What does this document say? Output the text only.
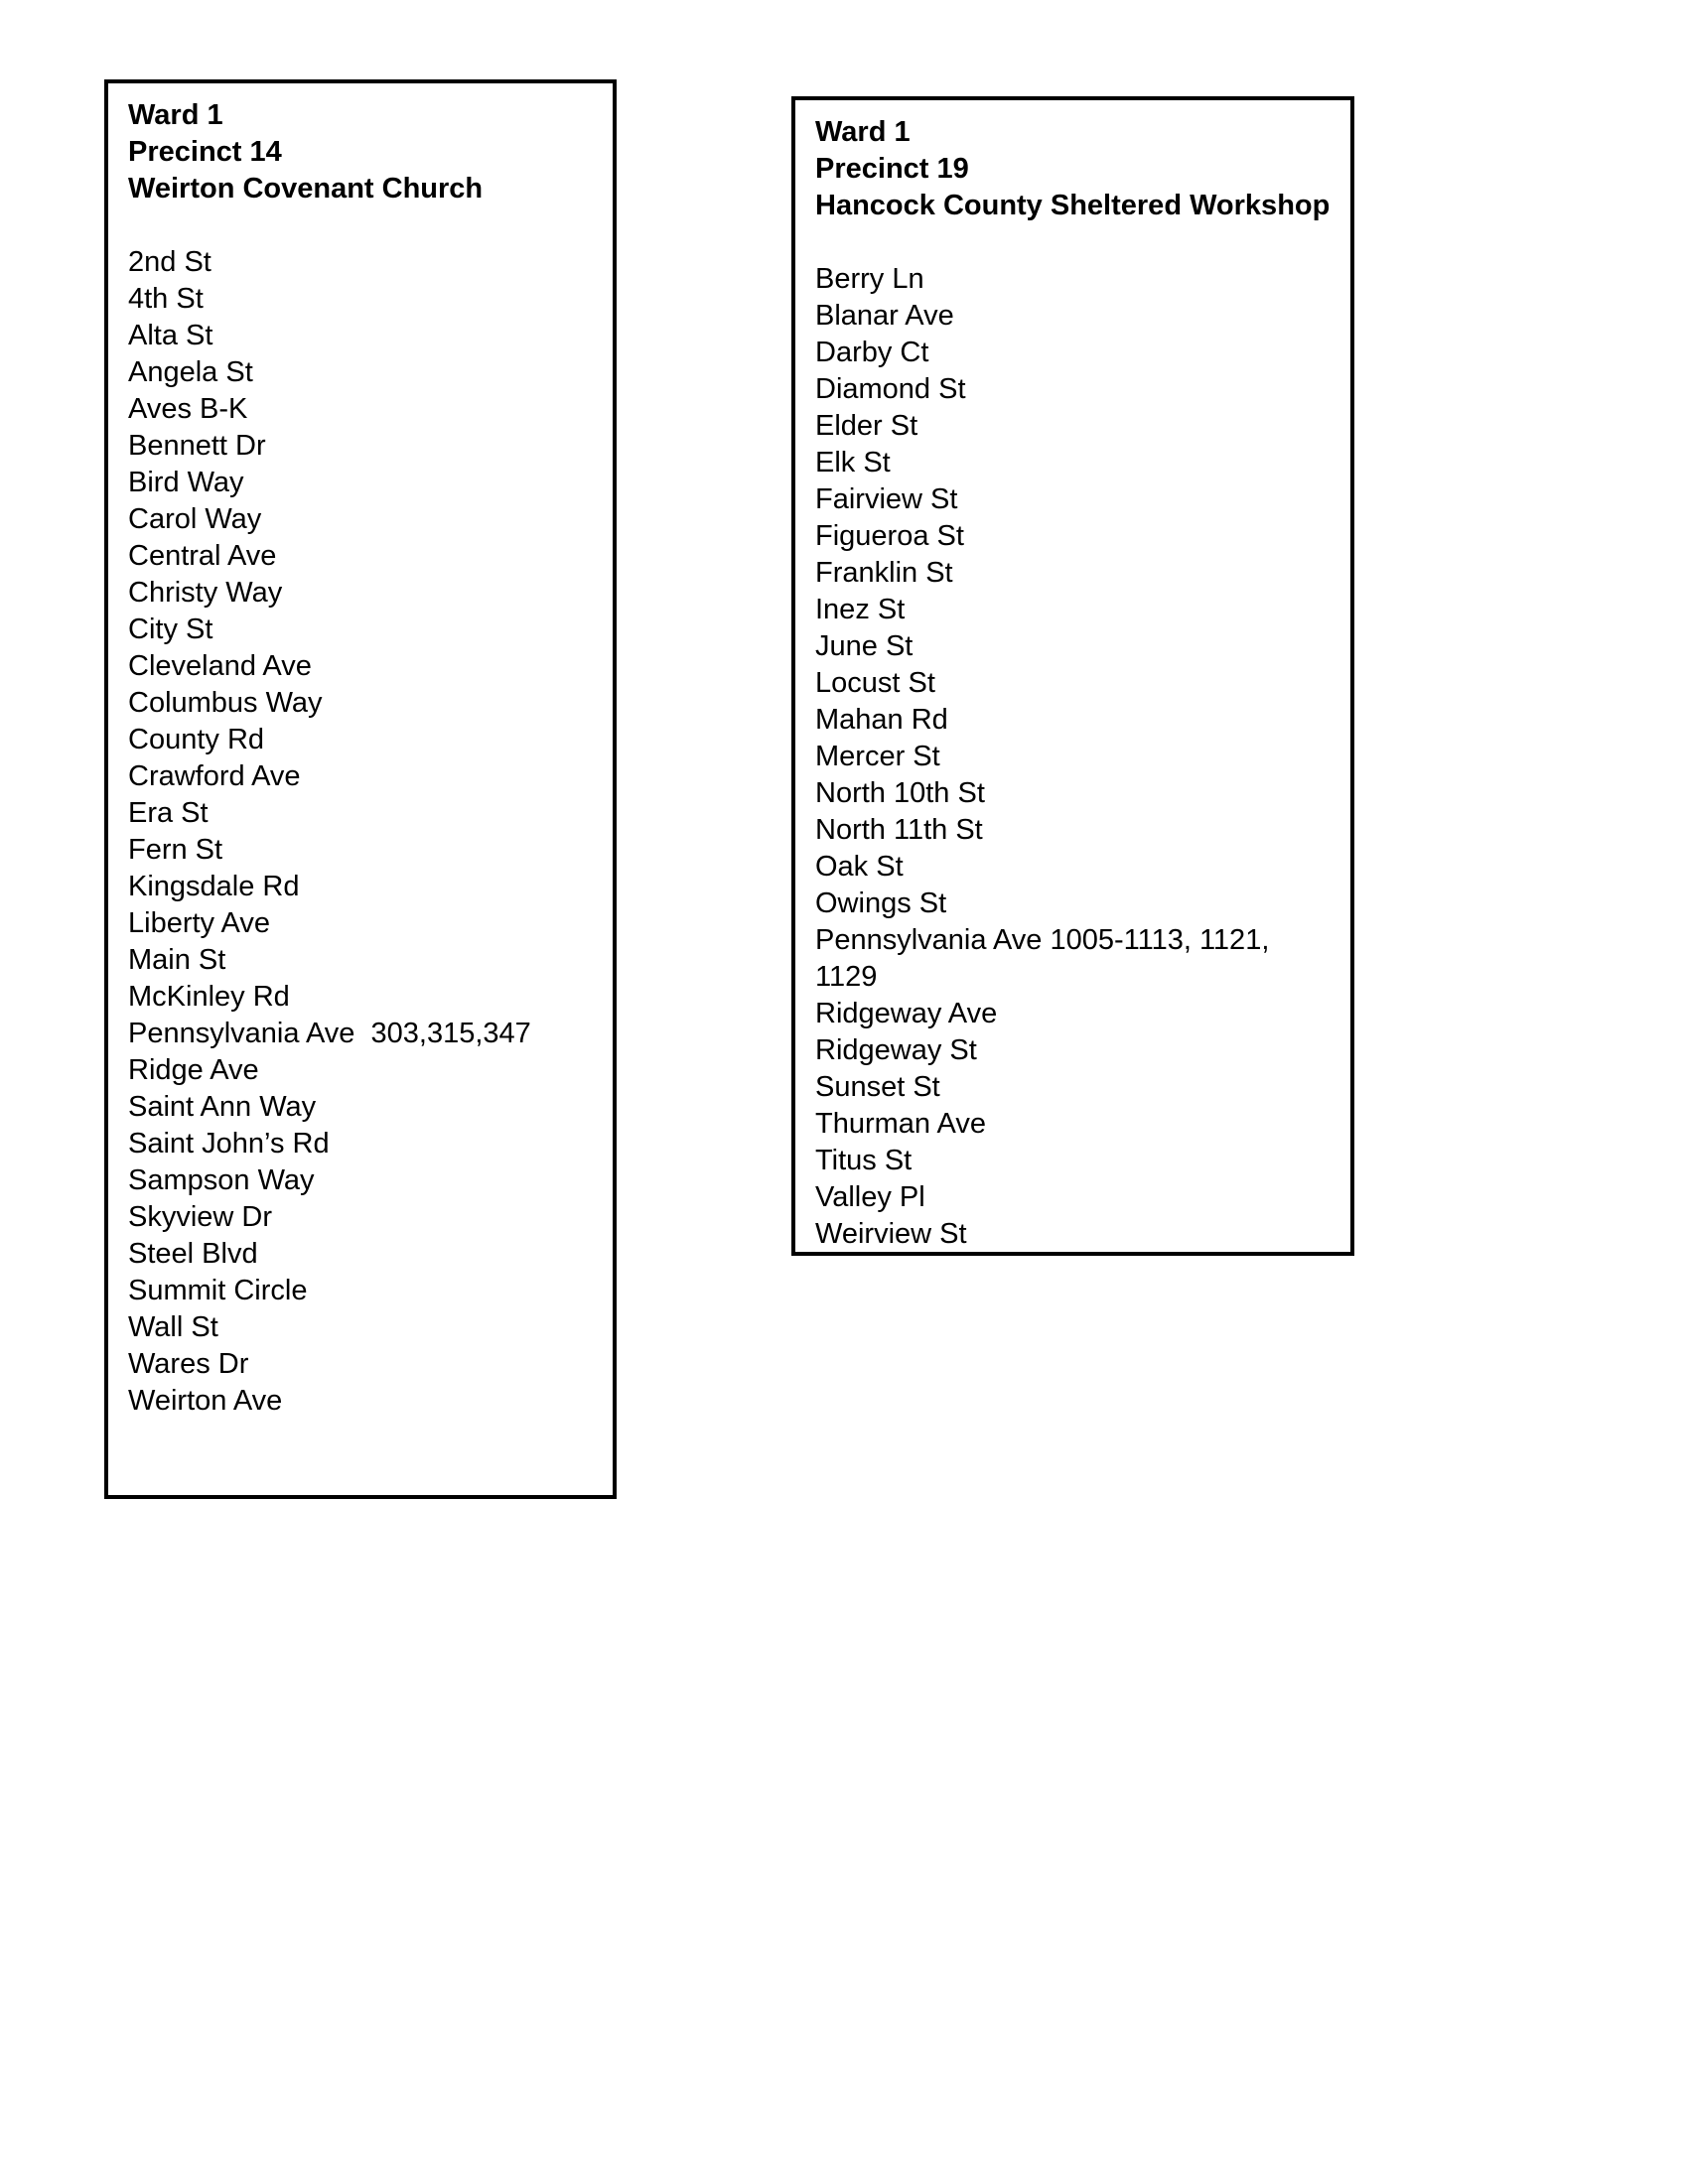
Ward 1
Precinct 14
Weirton Covenant Church
2nd St
4th St
Alta St
Angela St
Aves B-K
Bennett Dr
Bird Way
Carol Way
Central Ave
Christy Way
City St
Cleveland Ave
Columbus Way
County Rd
Crawford Ave
Era St
Fern St
Kingsdale Rd
Liberty Ave
Main St
McKinley Rd
Pennsylvania Ave  303,315,347
Ridge Ave
Saint Ann Way
Saint John’s Rd
Sampson Way
Skyview Dr
Steel Blvd
Summit Circle
Wall St
Wares Dr
Weirton Ave
Ward 1
Precinct 19
Hancock County Sheltered Workshop
Berry Ln
Blanar Ave
Darby Ct
Diamond St
Elder St
Elk St
Fairview St
Figueroa St
Franklin St
Inez St
June St
Locust St
Mahan Rd
Mercer St
North 10th St
North 11th St
Oak St
Owings St
Pennsylvania Ave 1005-1113, 1121, 1129
Ridgeway Ave
Ridgeway St
Sunset St
Thurman Ave
Titus St
Valley Pl
Weirview St
